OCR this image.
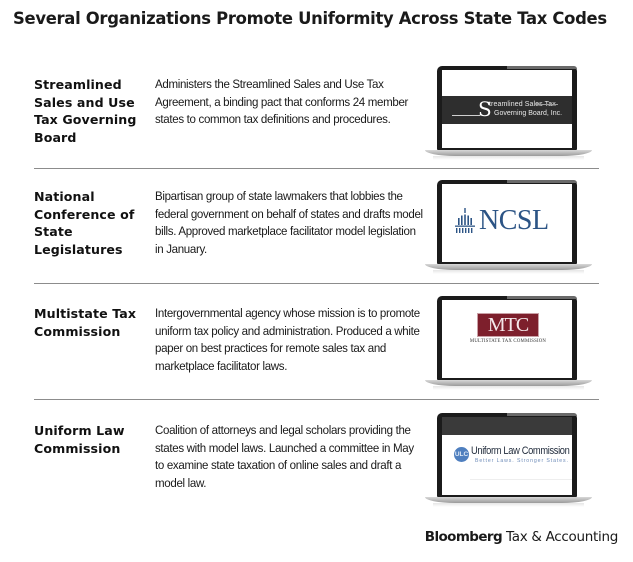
Several Organizations Promote Uniformity Across State Tax Codes
Streamlined Sales and Use Tax Governing Board
Administers the Streamlined Sales and Use Tax Agreement, a binding pact that conforms 24 member states to common tax definitions and procedures.	S
treamlined Sales Tax
Governing Board, Inc.
National Conference of State Legislatures
Bipartisan group of state lawmakers that lobbies the federal government on behalf of states and drafts model bills. Approved marketplace facilitator model legislation in January.
NCSL
Multistate Tax Commission
Intergovernmental agency whose mission is to promote uniform tax policy and administration. Produced a white paper on best practices for remote sales tax and marketplace facilitator laws.
MTC
MULTISTATE TAX COMMISSION
Uniform Law Commission
Coalition of attorneys and legal scholars providing the states with model laws. Launched a committee in May to examine state taxation of online sales and draft a model law.
ULC Uniform Law Commission
Better Laws. Stronger States.
Bloomberg Tax & Accounting
